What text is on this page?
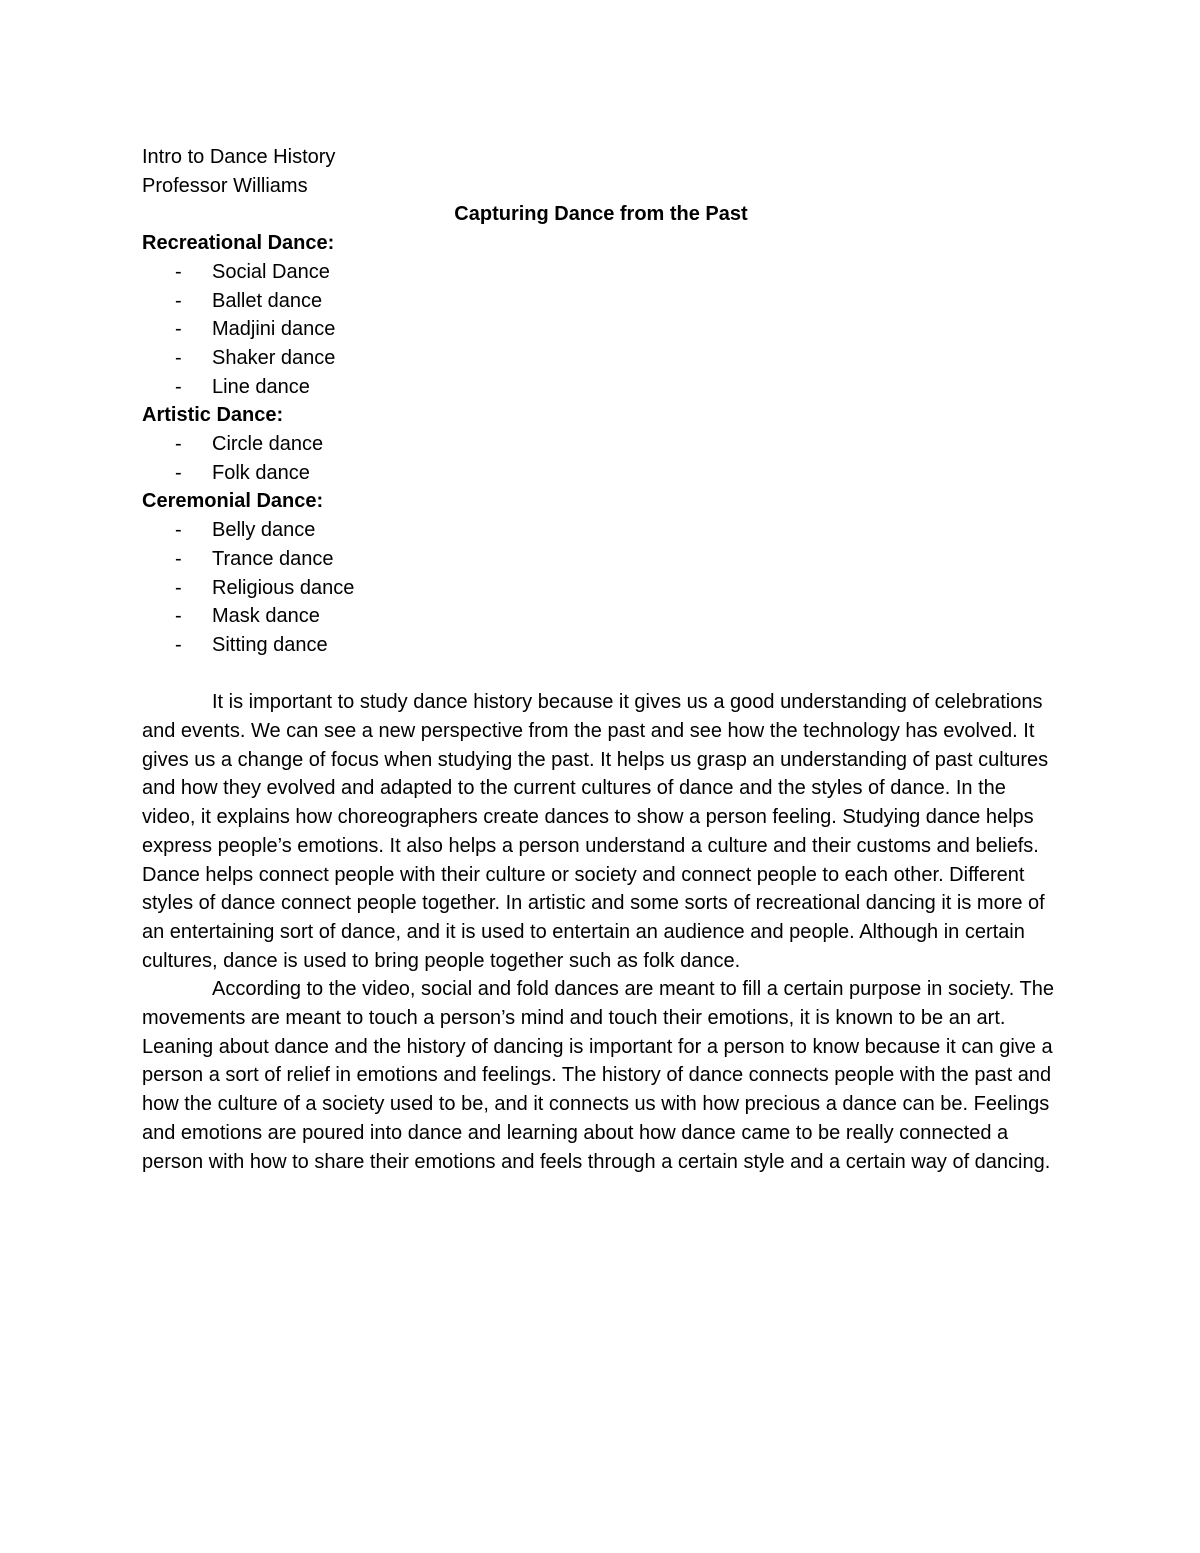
Intro to Dance History
Professor Williams
Capturing Dance from the Past
Recreational Dance:
- Social Dance
- Ballet dance
- Madjini dance
- Shaker dance
- Line dance
Artistic Dance:
- Circle dance
- Folk dance
Ceremonial Dance:
- Belly dance
- Trance dance
- Religious dance
- Mask dance
- Sitting dance

It is important to study dance history because it gives us a good understanding of celebrations and events. We can see a new perspective from the past and see how the technology has evolved. It gives us a change of focus when studying the past. It helps us grasp an understanding of past cultures and how they evolved and adapted to the current cultures of dance and the styles of dance. In the video, it explains how choreographers create dances to show a person feeling. Studying dance helps express people’s emotions. It also helps a person understand a culture and their customs and beliefs. Dance helps connect people with their culture or society and connect people to each other. Different styles of dance connect people together. In artistic and some sorts of recreational dancing it is more of an entertaining sort of dance, and it is used to entertain an audience and people. Although in certain cultures, dance is used to bring people together such as folk dance.

According to the video, social and fold dances are meant to fill a certain purpose in society. The movements are meant to touch a person’s mind and touch their emotions, it is known to be an art. Leaning about dance and the history of dancing is important for a person to know because it can give a person a sort of relief in emotions and feelings. The history of dance connects people with the past and how the culture of a society used to be, and it connects us with how precious a dance can be. Feelings and emotions are poured into dance and learning about how dance came to be really connected a person with how to share their emotions and feels through a certain style and a certain way of dancing.
